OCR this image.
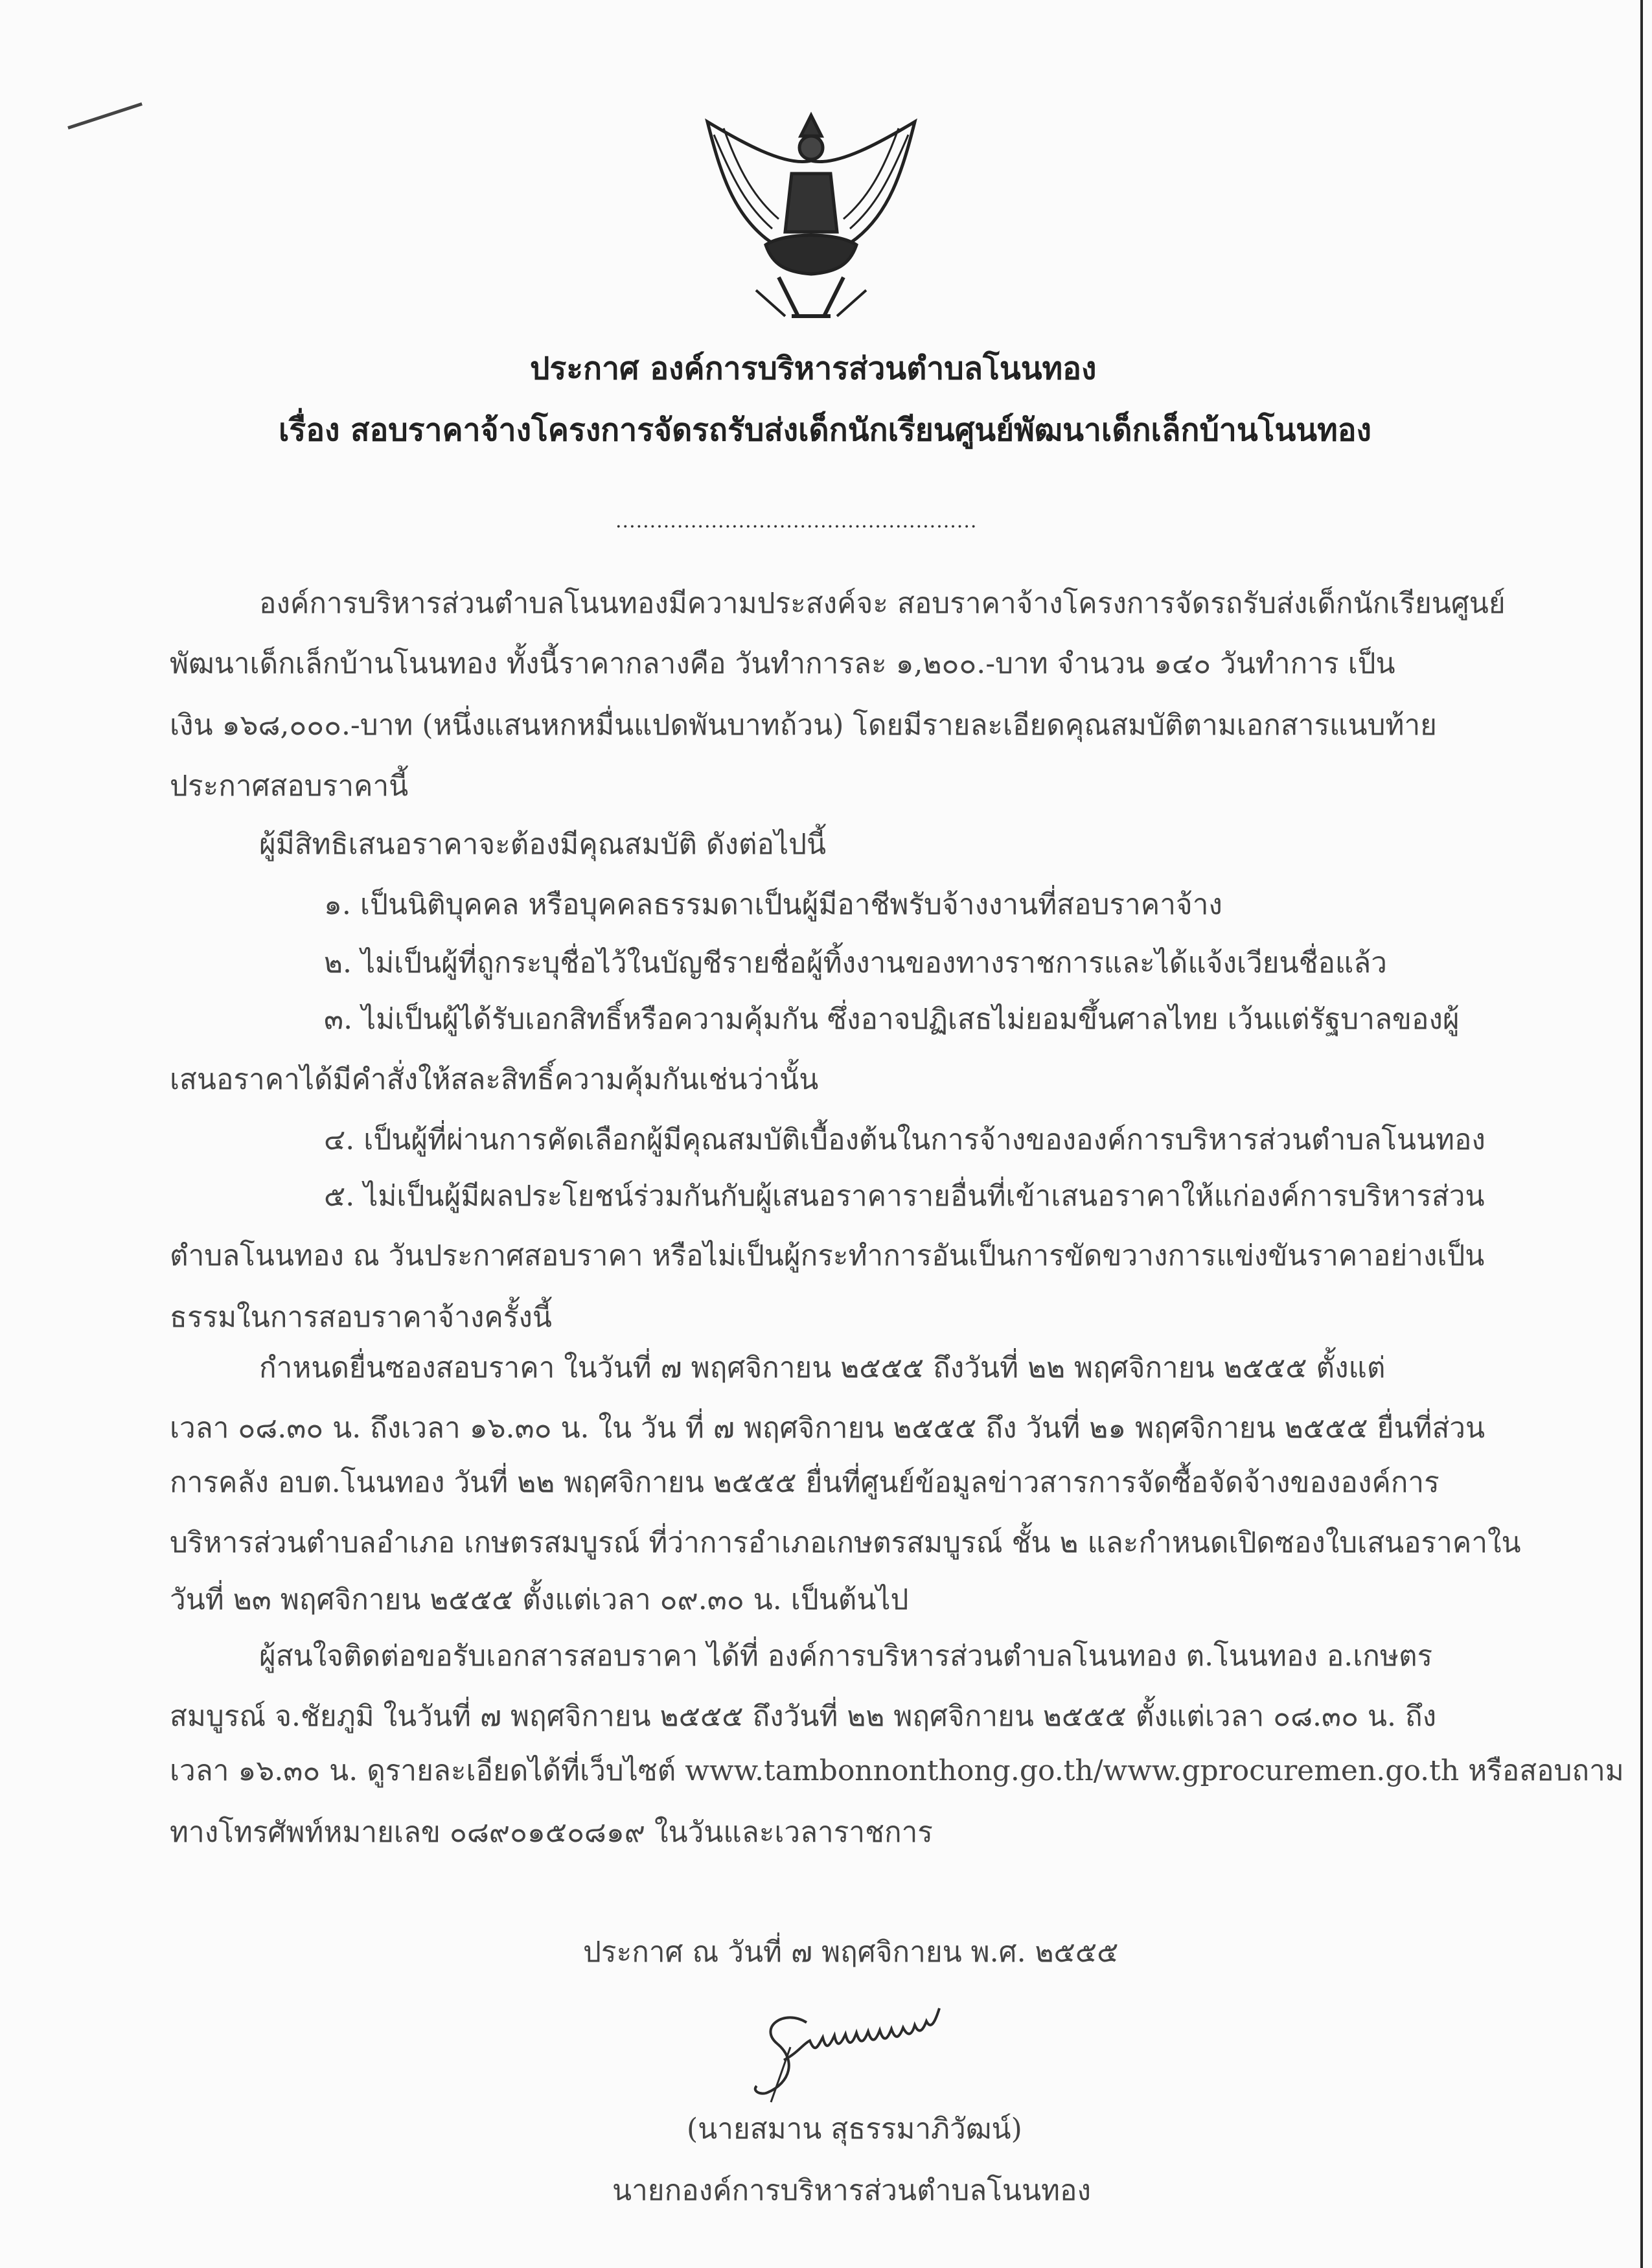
ประกาศ องค์การบริหารส่วนตำบลโนนทอง
เรื่อง สอบราคาจ้างโครงการจัดรถรับส่งเด็กนักเรียนศูนย์พัฒนาเด็กเล็กบ้านโนนทอง
.....................................................
องค์การบริหารส่วนตำบลโนนทองมีความประสงค์จะ สอบราคาจ้างโครงการจัดรถรับส่งเด็กนักเรียนศูนย์
พัฒนาเด็กเล็กบ้านโนนทอง ทั้งนี้ราคากลางคือ วันทำการละ ๑,๒๐๐.-บาท จำนวน ๑๔๐ วันทำการ เป็น
เงิน ๑๖๘,๐๐๐.-บาท (หนึ่งแสนหกหมื่นแปดพันบาทถ้วน) โดยมีรายละเอียดคุณสมบัติตามเอกสารแนบท้าย
ประกาศสอบราคานี้
ผู้มีสิทธิเสนอราคาจะต้องมีคุณสมบัติ ดังต่อไปนี้
๑. เป็นนิติบุคคล หรือบุคคลธรรมดาเป็นผู้มีอาชีพรับจ้างงานที่สอบราคาจ้าง
๒. ไม่เป็นผู้ที่ถูกระบุชื่อไว้ในบัญชีรายชื่อผู้ทิ้งงานของทางราชการและได้แจ้งเวียนชื่อแล้ว
๓. ไม่เป็นผู้ได้รับเอกสิทธิ์หรือความคุ้มกัน ซึ่งอาจปฏิเสธไม่ยอมขึ้นศาลไทย เว้นแต่รัฐบาลของผู้
เสนอราคาได้มีคำสั่งให้สละสิทธิ์ความคุ้มกันเช่นว่านั้น
๔. เป็นผู้ที่ผ่านการคัดเลือกผู้มีคุณสมบัติเบื้องต้นในการจ้างขององค์การบริหารส่วนตำบลโนนทอง
๕. ไม่เป็นผู้มีผลประโยชน์ร่วมกันกับผู้เสนอราคารายอื่นที่เข้าเสนอราคาให้แก่องค์การบริหารส่วน
ตำบลโนนทอง ณ วันประกาศสอบราคา หรือไม่เป็นผู้กระทำการอันเป็นการขัดขวางการแข่งขันราคาอย่างเป็น
ธรรมในการสอบราคาจ้างครั้งนี้
กำหนดยื่นซองสอบราคา ในวันที่ ๗ พฤศจิกายน ๒๕๕๕ ถึงวันที่ ๒๒ พฤศจิกายน ๒๕๕๕ ตั้งแต่
เวลา ๐๘.๓๐ น. ถึงเวลา ๑๖.๓๐ น. ใน วัน ที่ ๗ พฤศจิกายน ๒๕๕๕ ถึง วันที่ ๒๑ พฤศจิกายน ๒๕๕๕ ยื่นที่ส่วน
การคลัง อบต.โนนทอง วันที่ ๒๒ พฤศจิกายน ๒๕๕๕ ยื่นที่ศูนย์ข้อมูลข่าวสารการจัดซื้อจัดจ้างขององค์การ
บริหารส่วนตำบลอำเภอ เกษตรสมบูรณ์ ที่ว่าการอำเภอเกษตรสมบูรณ์ ชั้น ๒ และกำหนดเปิดซองใบเสนอราคาใน
วันที่ ๒๓ พฤศจิกายน ๒๕๕๕ ตั้งแต่เวลา ๐๙.๓๐ น. เป็นต้นไป
ผู้สนใจติดต่อขอรับเอกสารสอบราคา ได้ที่ องค์การบริหารส่วนตำบลโนนทอง ต.โนนทอง อ.เกษตร
สมบูรณ์ จ.ชัยภูมิ ในวันที่ ๗ พฤศจิกายน ๒๕๕๕ ถึงวันที่ ๒๒ พฤศจิกายน ๒๕๕๕ ตั้งแต่เวลา ๐๘.๓๐ น. ถึง
เวลา ๑๖.๓๐ น. ดูรายละเอียดได้ที่เว็บไซต์ www.tambonnonthong.go.th/www.gprocuremen.go.th หรือสอบถาม
ทางโทรศัพท์หมายเลข ๐๘๙๐๑๕๐๘๑๙ ในวันและเวลาราชการ
ประกาศ ณ วันที่ ๗ พฤศจิกายน พ.ศ. ๒๕๕๕
(นายสมาน สุธรรมาภิวัฒน์)
นายกองค์การบริหารส่วนตำบลโนนทอง
